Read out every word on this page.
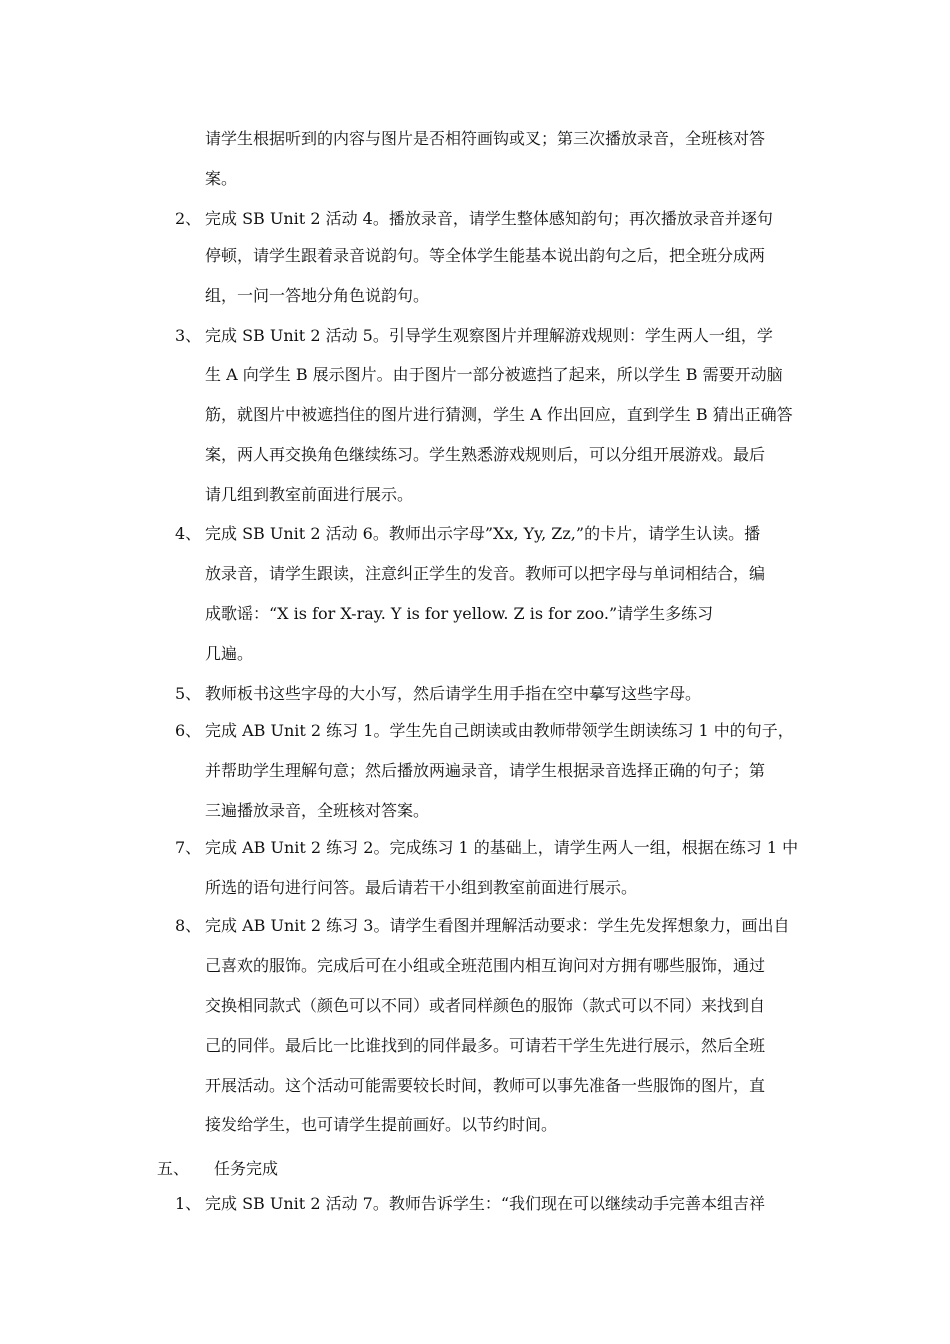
请学生根据听到的内容与图片是否相符画钩或叉；第三次播放录音，全班核对答
案。
2、 完成 SB Unit 2 活动 4。播放录音，请学生整体感知韵句；再次播放录音并逐句
停顿，请学生跟着录音说韵句。等全体学生能基本说出韵句之后，把全班分成两
组，一问一答地分角色说韵句。
3、 完成 SB Unit 2 活动 5。引导学生观察图片并理解游戏规则：学生两人一组，学
生 A 向学生 B 展示图片。由于图片一部分被遮挡了起来，所以学生 B 需要开动脑
筋，就图片中被遮挡住的图片进行猜测，学生 A 作出回应，直到学生 B 猜出正确答
案，两人再交换角色继续练习。学生熟悉游戏规则后，可以分组开展游戏。最后
请几组到教室前面进行展示。
4、 完成 SB Unit 2 活动 6。教师出示字母”Xx, Yy, Zz,”的卡片，请学生认读。播
放录音，请学生跟读，注意纠正学生的发音。教师可以把字母与单词相结合，编
成歌谣：“X is for X-ray. Y is for yellow. Z is for zoo.”请学生多练习
几遍。
5、 教师板书这些字母的大小写，然后请学生用手指在空中摹写这些字母。
6、 完成 AB Unit 2 练习 1。学生先自己朗读或由教师带领学生朗读练习 1 中的句子，
并帮助学生理解句意；然后播放两遍录音，请学生根据录音选择正确的句子；第
三遍播放录音，全班核对答案。
7、 完成 AB Unit 2 练习 2。完成练习 1 的基础上，请学生两人一组，根据在练习 1 中
所选的语句进行问答。最后请若干小组到教室前面进行展示。
8、 完成 AB Unit 2 练习 3。请学生看图并理解活动要求：学生先发挥想象力，画出自
己喜欢的服饰。完成后可在小组或全班范围内相互询问对方拥有哪些服饰，通过
交换相同款式（颜色可以不同）或者同样颜色的服饰（款式可以不同）来找到自
己的同伴。最后比一比谁找到的同伴最多。可请若干学生先进行展示，然后全班
开展活动。这个活动可能需要较长时间，教师可以事先准备一些服饰的图片，直
接发给学生，也可请学生提前画好。以节约时间。
五、 任务完成
1、 完成 SB Unit 2 活动 7。教师告诉学生：“我们现在可以继续动手完善本组吉祥
